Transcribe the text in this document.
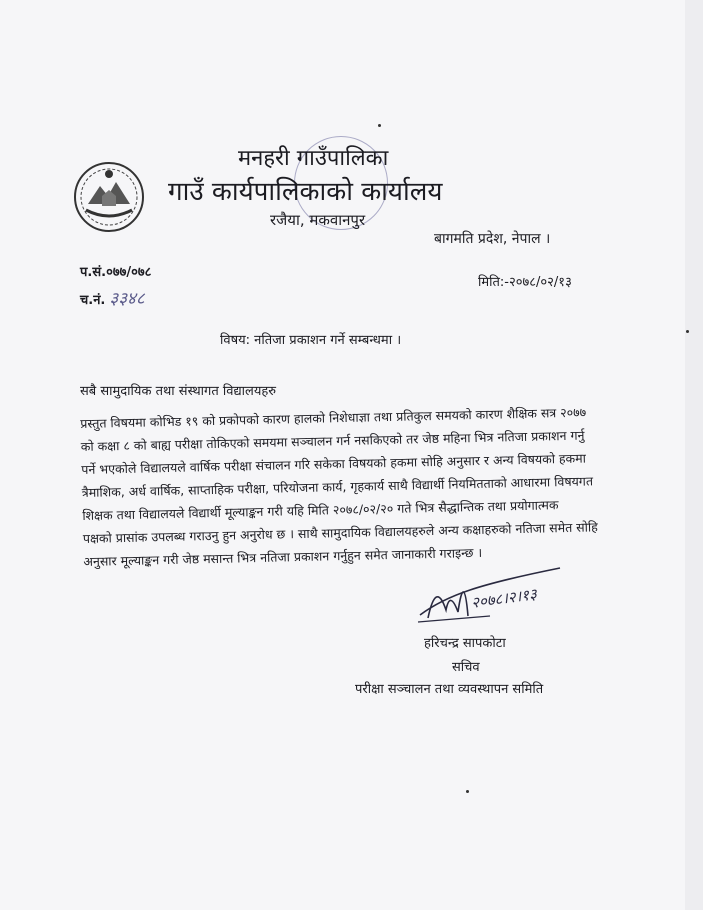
मनहरी गाउँपालिका
गाउँ कार्यपालिकाको कार्यालय
रजैया, मकवानपुर
बागमति प्रदेश, नेपाल ।
प.सं.०७७/०७८
च.नं. ३३४८
मिति:-२०७८/०२/१३
विषय: नतिजा प्रकाशन गर्ने सम्बन्धमा ।
सबै सामुदायिक तथा संस्थागत विद्यालयहरु

प्रस्तुत विषयमा कोभिड १९ को प्रकोपको कारण हालको निशेधाज्ञा तथा प्रतिकुल समयको कारण शैक्षिक सत्र २०७७

को कक्षा ८ को बाह्य परीक्षा तोकिएको समयमा सञ्चालन गर्न नसकिएको तर जेष्ठ महिना भित्र नतिजा प्रकाशन गर्नु

पर्ने भएकोले विद्यालयले वार्षिक परीक्षा संचालन गरि सकेका विषयको हकमा सोहि अनुसार र अन्य विषयको हकमा

त्रैमाशिक, अर्ध वार्षिक, साप्ताहिक परीक्षा, परियोजना कार्य, गृहकार्य साथै विद्यार्थी नियमितताको आधारमा विषयगत

शिक्षक तथा विद्यालयले विद्यार्थी मूल्याङ्कन गरी यहि मिति २०७८/०२/२० गते भित्र सैद्धान्तिक तथा प्रयोगात्मक

पक्षको प्रासांक उपलब्ध गराउनु हुन अनुरोध छ । साथै सामुदायिक विद्यालयहरुले अन्य कक्षाहरुको नतिजा समेत सोहि

अनुसार मूल्याङ्कन गरी जेष्ठ मसान्त भित्र नतिजा प्रकाशन गर्नुहुन समेत जानाकारी गराइन्छ ।

२०७८।२।१३
हरिचन्द्र सापकोटा
सचिव
परीक्षा सञ्चालन तथा व्यवस्थापन समिति
